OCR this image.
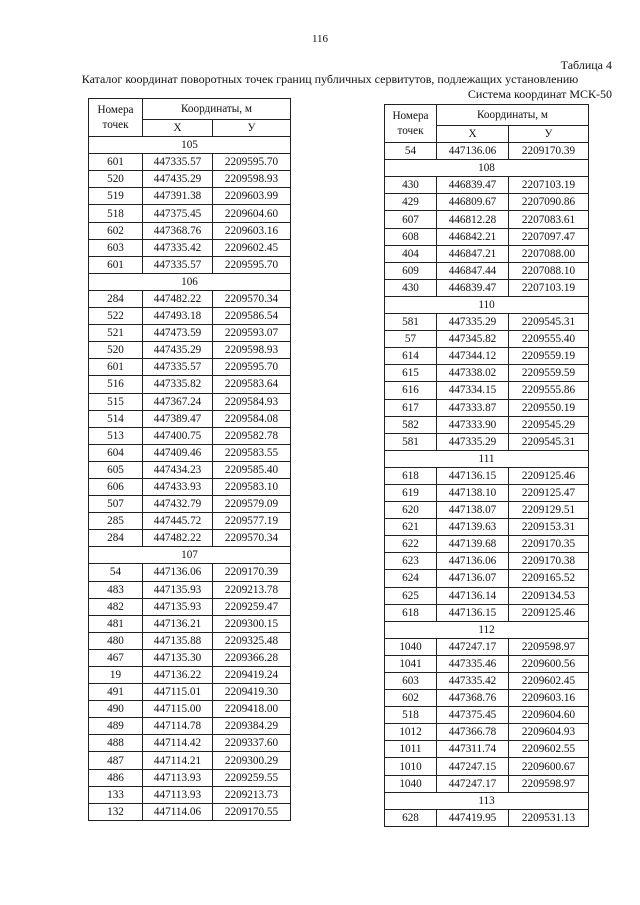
116
Таблица 4
Каталог координат поворотных точек границ публичных сервитутов, подлежащих установлению
Система координат МСК-50
Номера точек	Координаты, м	
	X	У
105		
601	447335.57	2209595.70
520	447435.29	2209598.93
519	447391.38	2209603.99
518	447375.45	2209604.60
602	447368.76	2209603.16
603	447335.42	2209602.45
601	447335.57	2209595.70
106		
284	447482.22	2209570.34
522	447493.18	2209586.54
521	447473.59	2209593.07
520	447435.29	2209598.93
601	447335.57	2209595.70
516	447335.82	2209583.64
515	447367.24	2209584.93
514	447389.47	2209584.08
513	447400.75	2209582.78
604	447409.46	2209583.55
605	447434.23	2209585.40
606	447433.93	2209583.10
507	447432.79	2209579.09
285	447445.72	2209577.19
284	447482.22	2209570.34
107		
54	447136.06	2209170.39
483	447135.93	2209213.78
482	447135.93	2209259.47
481	447136.21	2209300.15
480	447135.88	2209325.48
467	447135.30	2209366.28
19	447136.22	2209419.24
491	447115.01	2209419.30
490	447115.00	2209418.00
489	447114.78	2209384.29
488	447114.42	2209337.60
487	447114.21	2209300.29
486	447113.93	2209259.55
133	447113.93	2209213.73
132	447114.06	2209170.55
Номера точек	Координаты, м	
	X	У
54	447136.06	2209170.39
108		
430	446839.47	2207103.19
429	446809.67	2207090.86
607	446812.28	2207083.61
608	446842.21	2207097.47
404	446847.21	2207088.00
609	446847.44	2207088.10
430	446839.47	2207103.19
110		
581	447335.29	2209545.31
57	447345.82	2209555.40
614	447344.12	2209559.19
615	447338.02	2209559.59
616	447334.15	2209555.86
617	447333.87	2209550.19
582	447333.90	2209545.29
581	447335.29	2209545.31
111		
618	447136.15	2209125.46
619	447138.10	2209125.47
620	447138.07	2209129.51
621	447139.63	2209153.31
622	447139.68	2209170.35
623	447136.06	2209170.38
624	447136.07	2209165.52
625	447136.14	2209134.53
618	447136.15	2209125.46
112		
1040	447247.17	2209598.97
1041	447335.46	2209600.56
603	447335.42	2209602.45
602	447368.76	2209603.16
518	447375.45	2209604.60
1012	447366.78	2209604.93
1011	447311.74	2209602.55
1010	447247.15	2209600.67
1040	447247.17	2209598.97
113		
628	447419.95	2209531.13
